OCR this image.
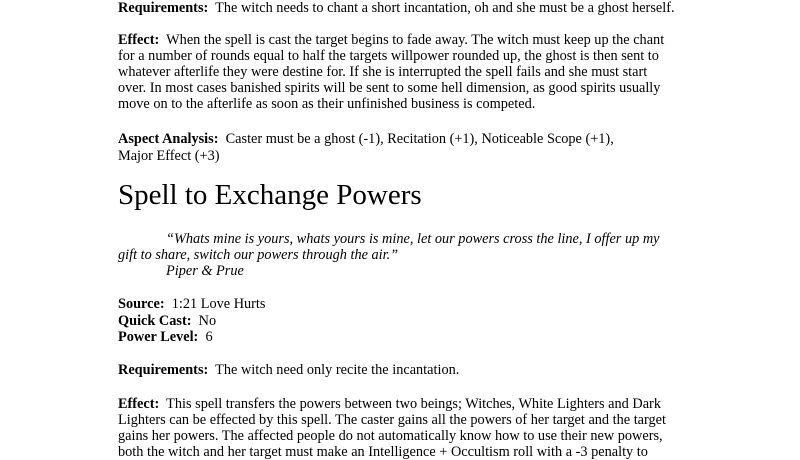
Requirements: The witch needs to chant a short incantation, oh and she must be a ghost herself.

Effect: When the spell is cast the target begins to fade away. The witch must keep up the chant

for a number of rounds equal to half the targets willpower rounded up, the ghost is then sent to

whatever afterlife they were destine for. If she is interrupted the spell fails and she must start

over. In most cases banished spirits will be sent to some hell dimension, as good spirits usually

move on to the afterlife as soon as their unfinished business is competed.

Aspect Analysis: Caster must be a ghost (-1), Recitation (+1), Noticeable Scope (+1),

Major Effect (+3)

Spell to Exchange Powers

“Whats mine is yours, whats yours is mine, let our powers cross the line, I offer up my

gift to share, switch our powers through the air.”

Piper & Prue

Source: 1:21 Love Hurts

Quick Cast: No

Power Level: 6

Requirements: The witch need only recite the incantation.

Effect: This spell transfers the powers between two beings; Witches, White Lighters and Dark

Lighters can be effected by this spell. The caster gains all the powers of her target and the target

gains her powers. The affected people do not automatically know how to use their new powers,

both the witch and her target must make an Intelligence + Occultism roll with a -3 penalty to
